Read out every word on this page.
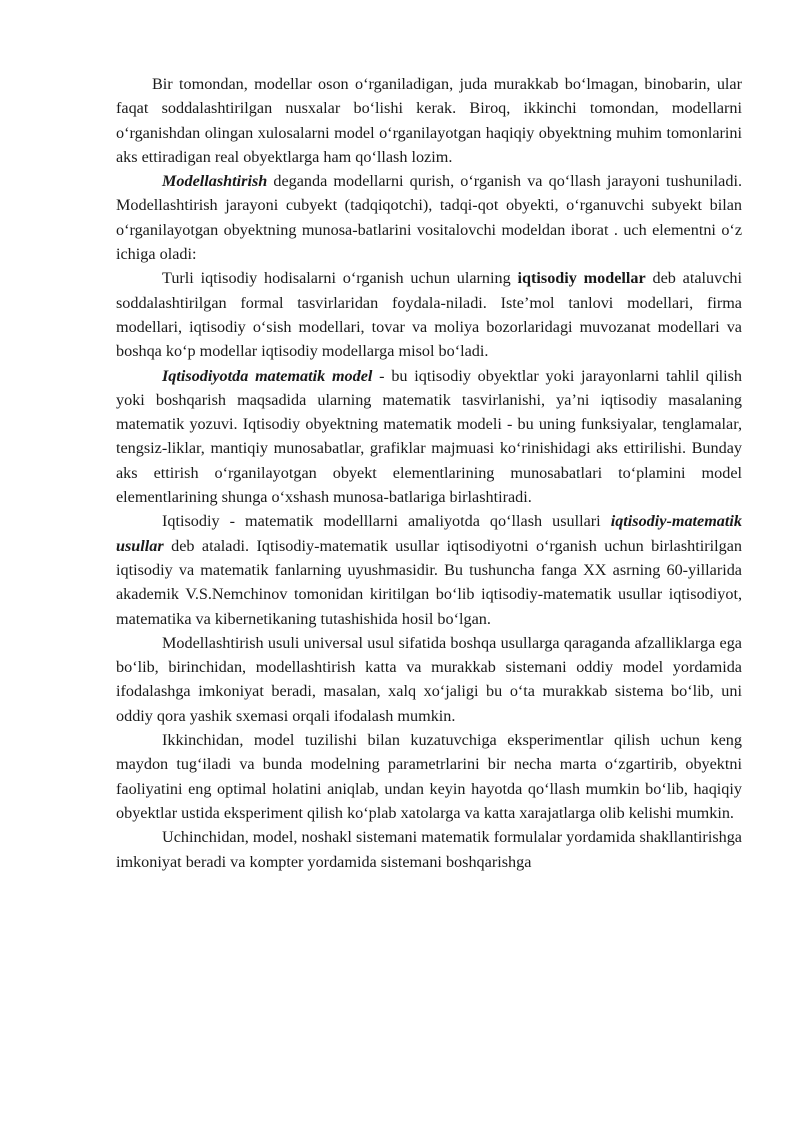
Bir tomondan, modellar oson o‘rganiladigan, juda murakkab bo‘lmagan, binobarin, ular faqat soddalashtirilgan nusxalar bo‘lishi kerak. Biroq, ikkinchi tomondan, modellarni o‘rganishdan olingan xulosalarni model o‘rganilayotgan haqiqiy obyektning muhim tomonlarini aks ettiradigan real obyektlarga ham qo‘llash lozim.

Modellashtirish deganda modellarni qurish, o‘rganish va qo‘llash jarayoni tushuniladi. Modellashtirish jarayoni cubyekt (tadqiqotchi), tadqi-qot obyekti, o‘rganuvchi subyekt bilan o‘rganilayotgan obyektning munosa-batlarini vositalovchi modeldan iborat . uch elementni o‘z ichiga oladi:

Turli iqtisodiy hodisalarni o‘rganish uchun ularning iqtisodiy modellar deb ataluvchi soddalashtirilgan formal tasvirlaridan foydala-niladi. Iste’mol tanlovi modellari, firma modellari, iqtisodiy o‘sish modellari, tovar va moliya bozorlaridagi muvozanat modellari va boshqa ko‘p modellar iqtisodiy modellarga misol bo‘ladi.

Iqtisodiyotda matematik model - bu iqtisodiy obyektlar yoki jarayonlarni tahlil qilish yoki boshqarish maqsadida ularning matematik tasvirlanishi, ya’ni iqtisodiy masalaning matematik yozuvi. Iqtisodiy obyektning matematik modeli - bu uning funksiyalar, tenglamalar, tengsiz-liklar, mantiqiy munosabatlar, grafiklar majmuasi ko‘rinishidagi aks ettirilishi. Bunday aks ettirish o‘rganilayotgan obyekt elementlarining munosabatlari to‘plamini model elementlarining shunga o‘xshash munosa-batlariga birlashtiradi.

Iqtisodiy - matematik modelllarni amaliyotda qo‘llash usullari iqtisodiy-matematik usullar deb ataladi. Iqtisodiy-matematik usullar iqtisodiyotni o‘rganish uchun birlashtirilgan iqtisodiy va matematik fanlarning uyushmasidir. Bu tushuncha fanga XX asrning 60-yillarida akademik V.S.Nemchinov tomonidan kiritilgan bo‘lib iqtisodiy-matematik usullar iqtisodiyot, matematika va kibernetikaning tutashishida hosil bo‘lgan.

Modellashtirish usuli universal usul sifatida boshqa usullarga qaraganda afzalliklarga ega bo‘lib, birinchidan, modellashtirish katta va murakkab sistemani oddiy model yordamida ifodalashga imkoniyat beradi, masalan, xalq xo‘jaligi bu o‘ta murakkab sistema bo‘lib, uni oddiy qora yashik sxemasi orqali ifodalash mumkin.

Ikkinchidan, model tuzilishi bilan kuzatuvchiga eksperimentlar qilish uchun keng maydon tug‘iladi va bunda modelning parametrlarini bir necha marta o‘zgartirib, obyektni faoliyatini eng optimal holatini aniqlab, undan keyin hayotda qo‘llash mumkin bo‘lib, haqiqiy obyektlar ustida eksperiment qilish ko‘plab xatolarga va katta xarajatlarga olib kelishi mumkin.

Uchinchidan, model, noshakl sistemani matematik formulalar yordamida shakllantirishga imkoniyat beradi va kompter yordamida sistemani boshqarishga
